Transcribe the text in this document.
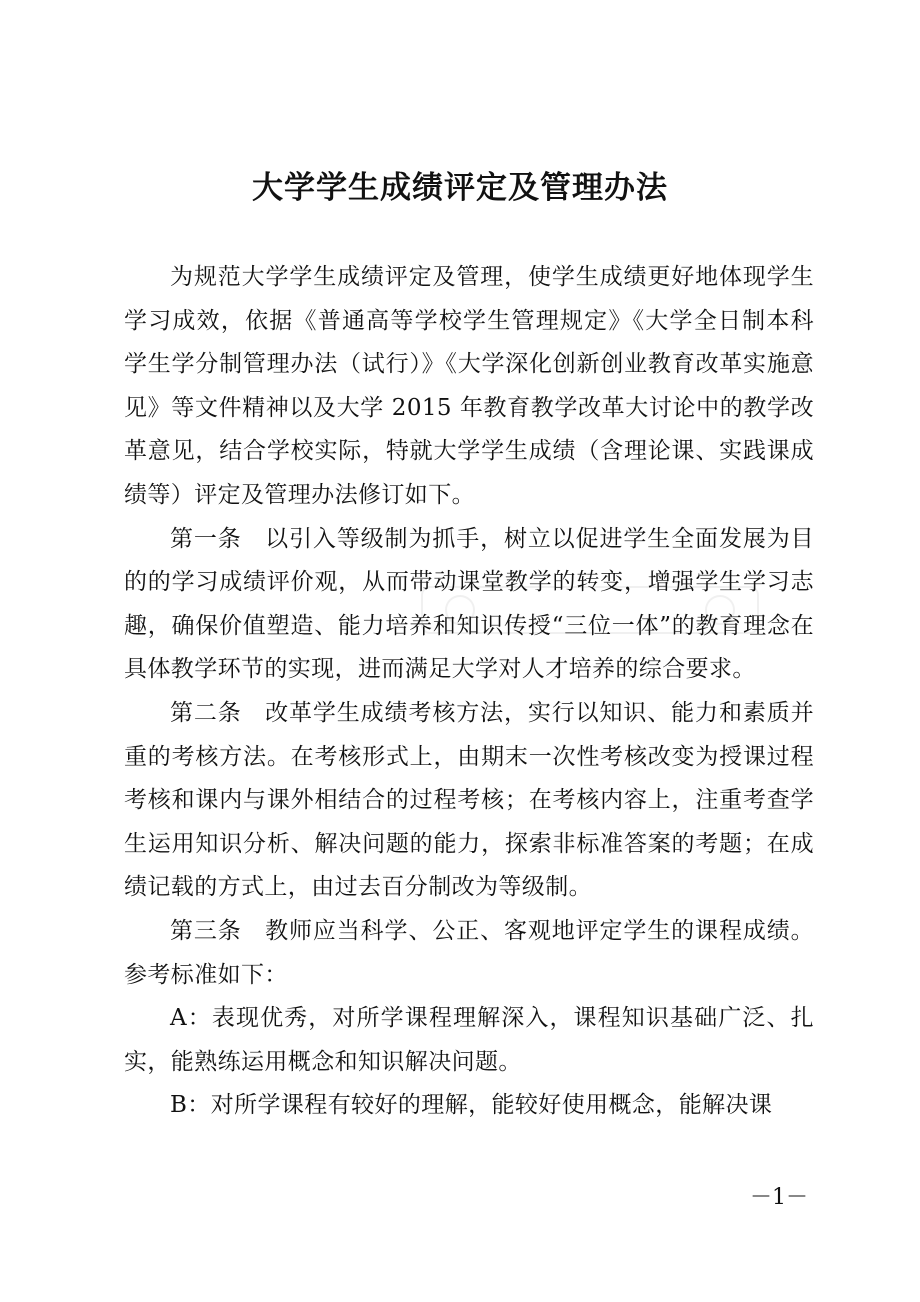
大学学生成绩评定及管理办法

为规范大学学生成绩评定及管理，使学生成绩更好地体现学生学习成效，依据《普通高等学校学生管理规定》《大学全日制本科学生学分制管理办法（试行）》《大学深化创新创业教育改革实施意见》等文件精神以及大学 2015 年教育教学改革大讨论中的教学改革意见，结合学校实际，特就大学学生成绩（含理论课、实践课成绩等）评定及管理办法修订如下。

第一条 以引入等级制为抓手，树立以促进学生全面发展为目的的学习成绩评价观，从而带动课堂教学的转变，增强学生学习志趣，确保价值塑造、能力培养和知识传授“三位一体”的教育理念在具体教学环节的实现，进而满足大学对人才培养的综合要求。

第二条 改革学生成绩考核方法，实行以知识、能力和素质并重的考核方法。在考核形式上，由期末一次性考核改变为授课过程考核和课内与课外相结合的过程考核；在考核内容上，注重考查学生运用知识分析、解决问题的能力，探索非标准答案的考题；在成绩记载的方式上，由过去百分制改为等级制。

第三条 教师应当科学、公正、客观地评定学生的课程成绩。参考标准如下：

A：表现优秀，对所学课程理解深入，课程知识基础广泛、扎实，能熟练运用概念和知识解决问题。

B：对所学课程有较好的理解，能较好使用概念，能解决课

－1－
